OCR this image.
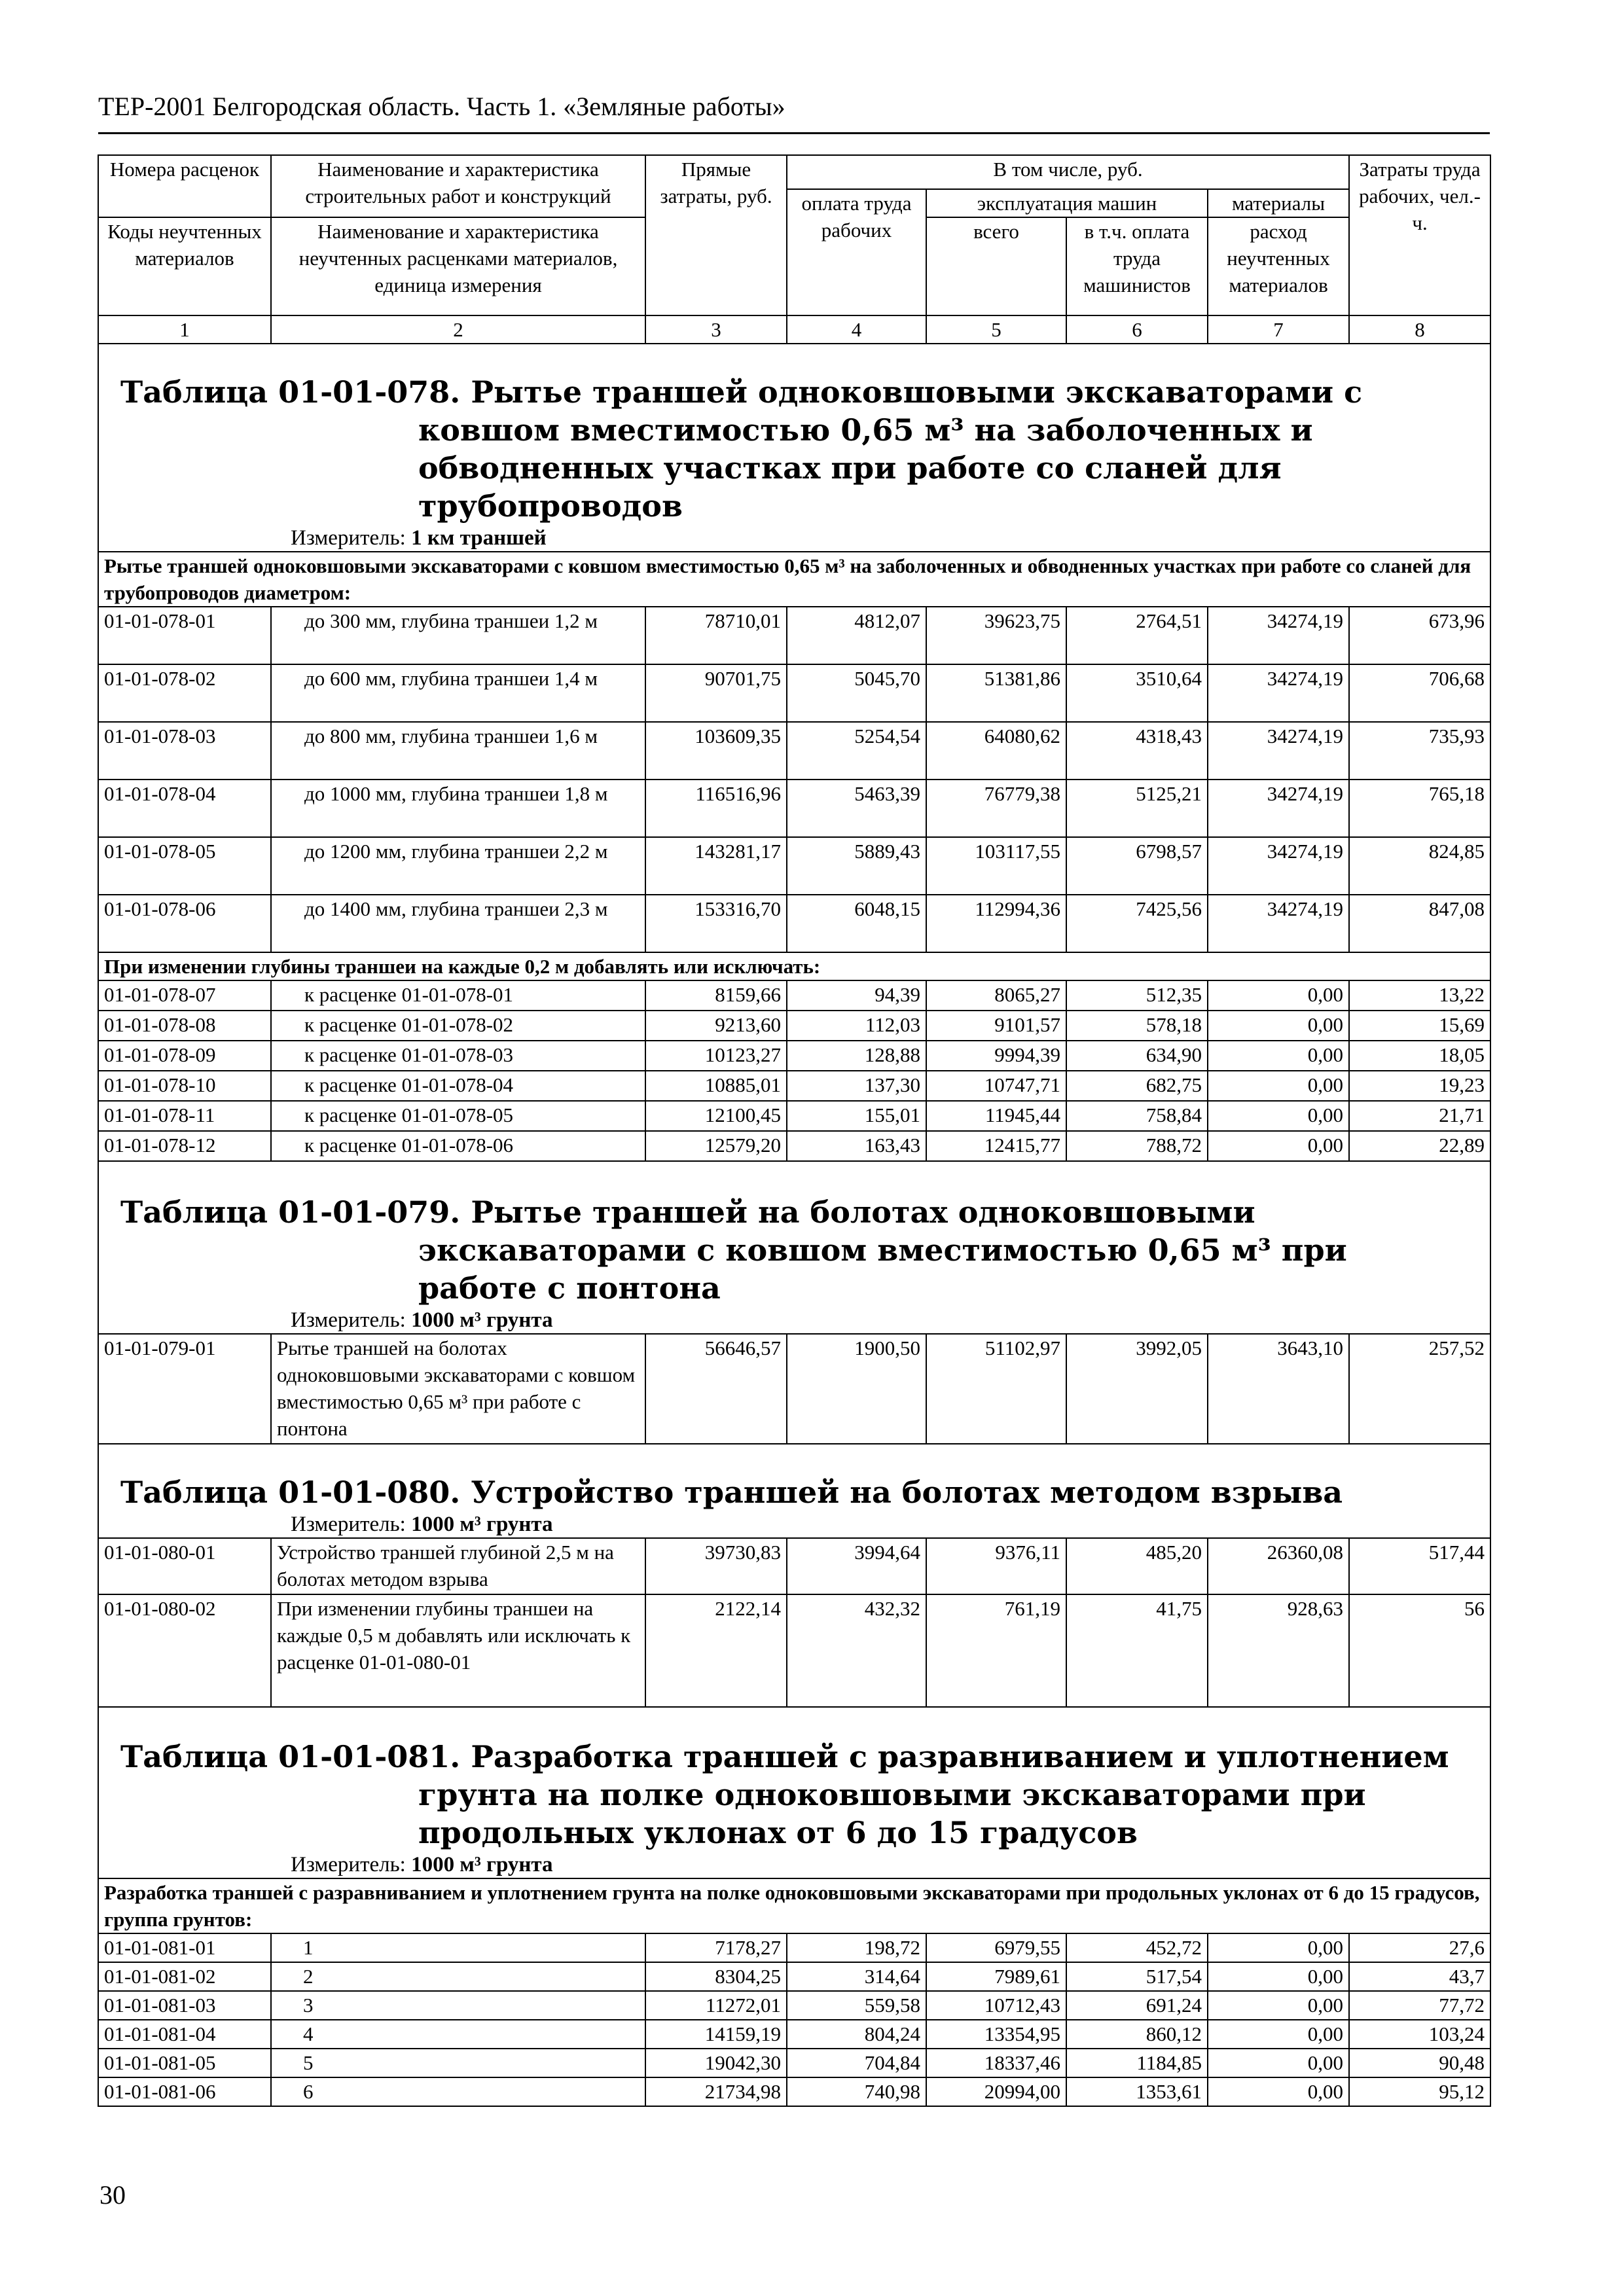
ТЕР-2001 Белгородская область. Часть 1. «Земляные работы»
Номера расценок	Наименование и характеристика строительных работ и конструкций	Прямые затраты, руб.	В том числе, руб.				Затраты труда рабочих, чел.-ч.
			оплата труда рабочих	эксплуатация машин		материалы	
Коды неучтенных материалов	Наименование и характеристика неучтенных расценками материалов, единица измерения			всего	в т.ч. оплата труда машинистов	расход неучтенных материалов	

1	2	3	4	5	6	7	8

Таблица 01-01-078. Рытье траншей одноковшовыми экскаваторами с ковшом вместимостью 0,65 м³ на заболоченных и обводненных участках при работе со сланей для трубопроводов
Измеритель: 1 км траншей							

Рытье траншей одноковшовыми экскаваторами с ковшом вместимостью 0,65 м³ на заболоченных и обводненных участках при работе со сланей для трубопроводов диаметром:							
01-01-078-01	до 300 мм, глубина траншеи 1,2 м	78710,01	4812,07	39623,75	2764,51	34274,19	673,96
01-01-078-02	до 600 мм, глубина траншеи 1,4 м	90701,75	5045,70	51381,86	3510,64	34274,19	706,68
01-01-078-03	до 800 мм, глубина траншеи 1,6 м	103609,35	5254,54	64080,62	4318,43	34274,19	735,93
01-01-078-04	до 1000 мм, глубина траншеи 1,8 м	116516,96	5463,39	76779,38	5125,21	34274,19	765,18
01-01-078-05	до 1200 мм, глубина траншеи 2,2 м	143281,17	5889,43	103117,55	6798,57	34274,19	824,85
01-01-078-06	до 1400 мм, глубина траншеи 2,3 м	153316,70	6048,15	112994,36	7425,56	34274,19	847,08
При изменении глубины траншеи на каждые 0,2 м добавлять или исключать:							
01-01-078-07	к расценке 01-01-078-01	8159,66	94,39	8065,27	512,35	0,00	13,22
01-01-078-08	к расценке 01-01-078-02	9213,60	112,03	9101,57	578,18	0,00	15,69
01-01-078-09	к расценке 01-01-078-03	10123,27	128,88	9994,39	634,90	0,00	18,05
01-01-078-10	к расценке 01-01-078-04	10885,01	137,30	10747,71	682,75	0,00	19,23
01-01-078-11	к расценке 01-01-078-05	12100,45	155,01	11945,44	758,84	0,00	21,71
01-01-078-12	к расценке 01-01-078-06	12579,20	163,43	12415,77	788,72	0,00	22,89

Таблица 01-01-079. Рытье траншей на болотах одноковшовыми экскаваторами с ковшом вместимостью 0,65 м³ при работе с понтона
Измеритель: 1000 м³ грунта							

01-01-079-01	Рытье траншей на болотах одноковшовыми экскаваторами с ковшом вместимостью 0,65 м³ при работе с понтона	56646,57	1900,50	51102,97	3992,05	3643,10	257,52

Таблица 01-01-080. Устройство траншей на болотах методом взрыва
Измеритель: 1000 м³ грунта							

01-01-080-01	Устройство траншей глубиной 2,5 м на болотах методом взрыва	39730,83	3994,64	9376,11	485,20	26360,08	517,44
01-01-080-02	При изменении глубины траншеи на каждые 0,5 м добавлять или исключать к расценке 01-01-080-01	2122,14	432,32	761,19	41,75	928,63	56

Таблица 01-01-081. Разработка траншей с разравниванием и уплотнением грунта на полке одноковшовыми экскаваторами при продольных уклонах от 6 до 15 градусов
Измеритель: 1000 м³ грунта							

Разработка траншей с разравниванием и уплотнением грунта на полке одноковшовыми экскаваторами при продольных уклонах от 6 до 15 градусов, группа грунтов:							
01-01-081-01	1	7178,27	198,72	6979,55	452,72	0,00	27,6
01-01-081-02	2	8304,25	314,64	7989,61	517,54	0,00	43,7
01-01-081-03	3	11272,01	559,58	10712,43	691,24	0,00	77,72
01-01-081-04	4	14159,19	804,24	13354,95	860,12	0,00	103,24
01-01-081-05	5	19042,30	704,84	18337,46	1184,85	0,00	90,48
01-01-081-06	6	21734,98	740,98	20994,00	1353,61	0,00	95,12
30
